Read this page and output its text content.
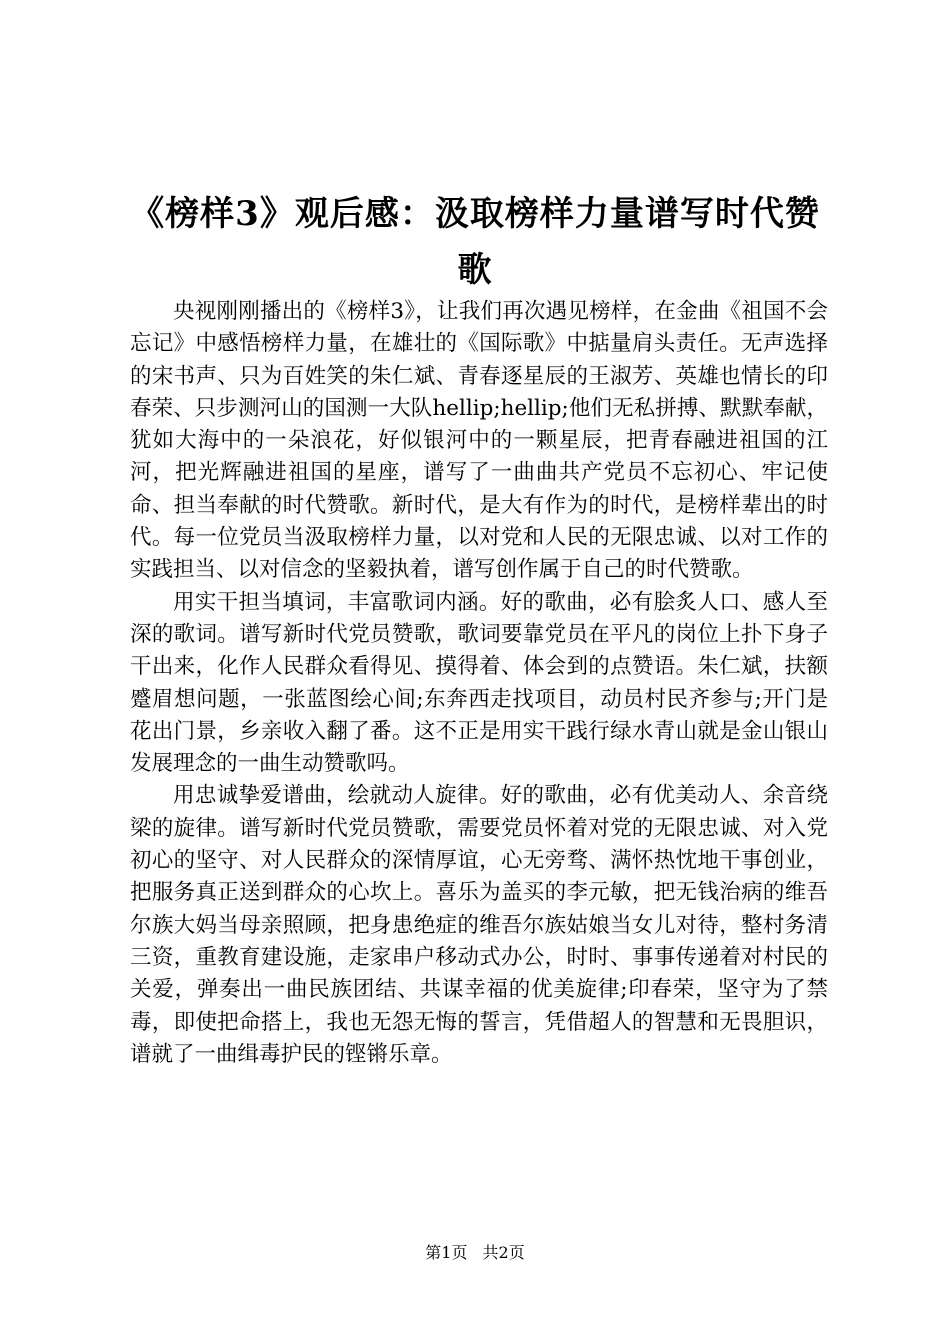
《榜样3》观后感：汲取榜样力量谱写时代赞歌

央视刚刚播出的《榜样3》，让我们再次遇见榜样，在金曲《祖国不会忘记》中感悟榜样力量，在雄壮的《国际歌》中掂量肩头责任。无声选择的宋书声、只为百姓笑的朱仁斌、青春逐星辰的王淑芳、英雄也情长的印春荣、只步测河山的国测一大队hellip;hellip;他们无私拼搏、默默奉献，犹如大海中的一朵浪花，好似银河中的一颗星辰，把青春融进祖国的江河，把光辉融进祖国的星座，谱写了一曲曲共产党员不忘初心、牢记使命、担当奉献的时代赞歌。新时代，是大有作为的时代，是榜样辈出的时代。每一位党员当汲取榜样力量，以对党和人民的无限忠诚、以对工作的实践担当、以对信念的坚毅执着，谱写创作属于自己的时代赞歌。

用实干担当填词，丰富歌词内涵。好的歌曲，必有脍炙人口、感人至深的歌词。谱写新时代党员赞歌，歌词要靠党员在平凡的岗位上扑下身子干出来，化作人民群众看得见、摸得着、体会到的点赞语。朱仁斌，扶额蹙眉想问题，一张蓝图绘心间;东奔西走找项目，动员村民齐参与;开门是花出门景，乡亲收入翻了番。这不正是用实干践行绿水青山就是金山银山发展理念的一曲生动赞歌吗。

用忠诚挚爱谱曲，绘就动人旋律。好的歌曲，必有优美动人、余音绕梁的旋律。谱写新时代党员赞歌，需要党员怀着对党的无限忠诚、对入党初心的坚守、对人民群众的深情厚谊，心无旁骛、满怀热忱地干事创业，把服务真正送到群众的心坎上。喜乐为盖买的李元敏，把无钱治病的维吾尔族大妈当母亲照顾，把身患绝症的维吾尔族姑娘当女儿对待，整村务清三资，重教育建设施，走家串户移动式办公，时时、事事传递着对村民的关爱，弹奏出一曲民族团结、共谋幸福的优美旋律;印春荣，坚守为了禁毒，即使把命搭上，我也无怨无悔的誓言，凭借超人的智慧和无畏胆识，谱就了一曲缉毒护民的铿锵乐章。

第1页 共2页
